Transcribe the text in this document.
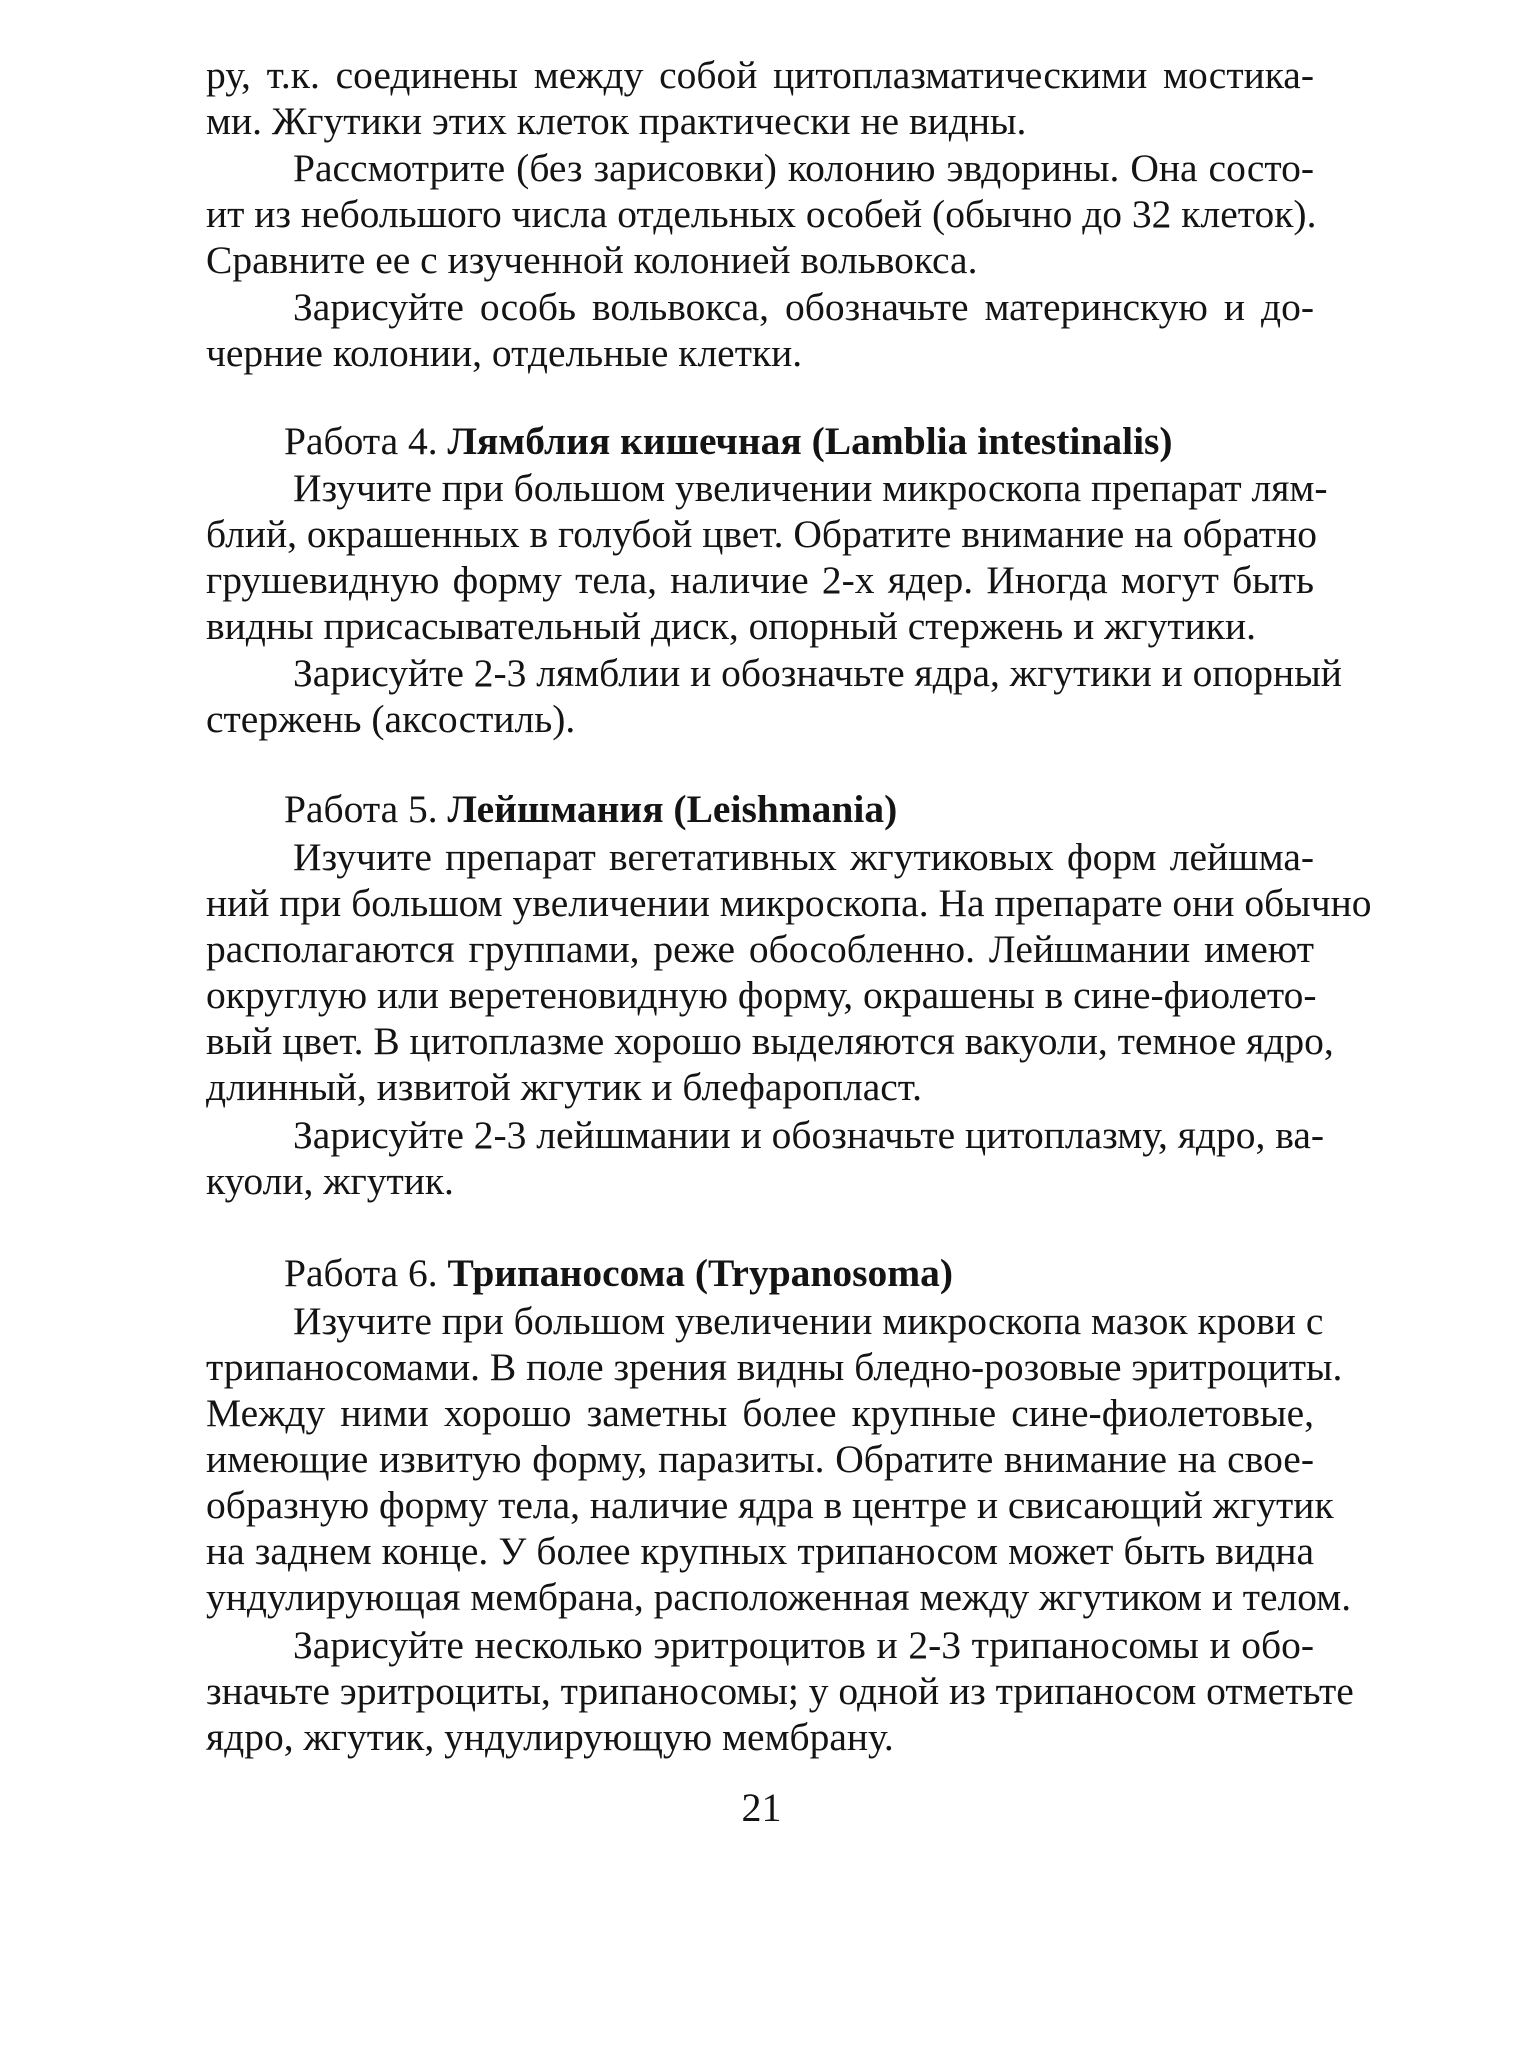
ру, т.к. соединены между собой цитоплазматическими мостика-
ми. Жгутики этих клеток практически не видны.
Рассмотрите (без зарисовки) колонию эвдорины. Она состо-
ит из небольшого числа отдельных особей (обычно до 32 клеток).
Сравните ее с изученной колонией вольвокса.
Зарисуйте особь вольвокса, обозначьте материнскую и до-
черние колонии, отдельные клетки.
Работа 4. Лямблия кишечная (Lamblia intestinalis)
Изучите при большом увеличении микроскопа препарат лям-
блий, окрашенных в голубой цвет. Обратите внимание на обратно
грушевидную форму тела, наличие 2-х ядер. Иногда могут быть
видны присасывательный диск, опорный стержень и жгутики.
Зарисуйте 2-3 лямблии и обозначьте ядра, жгутики и опорный
стержень (аксостиль).
Работа 5. Лейшмания (Leishmania)
Изучите препарат вегетативных жгутиковых форм лейшма-
ний при большом увеличении микроскопа. На препарате они обычно
располагаются группами, реже обособленно. Лейшмании имеют
округлую или веретеновидную форму, окрашены в сине-фиолето-
вый цвет. В цитоплазме хорошо выделяются вакуоли, темное ядро,
длинный, извитой жгутик и блефаропласт.
Зарисуйте 2-3 лейшмании и обозначьте цитоплазму, ядро, ва-
куоли, жгутик.
Работа 6. Трипаносома (Trypanosoma)
Изучите при большом увеличении микроскопа мазок крови с
трипаносомами. В поле зрения видны бледно-розовые эритроциты.
Между ними хорошо заметны более крупные сине-фиолетовые,
имеющие извитую форму, паразиты. Обратите внимание на свое-
образную форму тела, наличие ядра в центре и свисающий жгутик
на заднем конце. У более крупных трипаносом может быть видна
ундулирующая мембрана, расположенная между жгутиком и телом.
Зарисуйте несколько эритроцитов и 2-3 трипаносомы и обо-
значьте эритроциты, трипаносомы; у одной из трипаносом отметьте
ядро, жгутик, ундулирующую мембрану.
21
